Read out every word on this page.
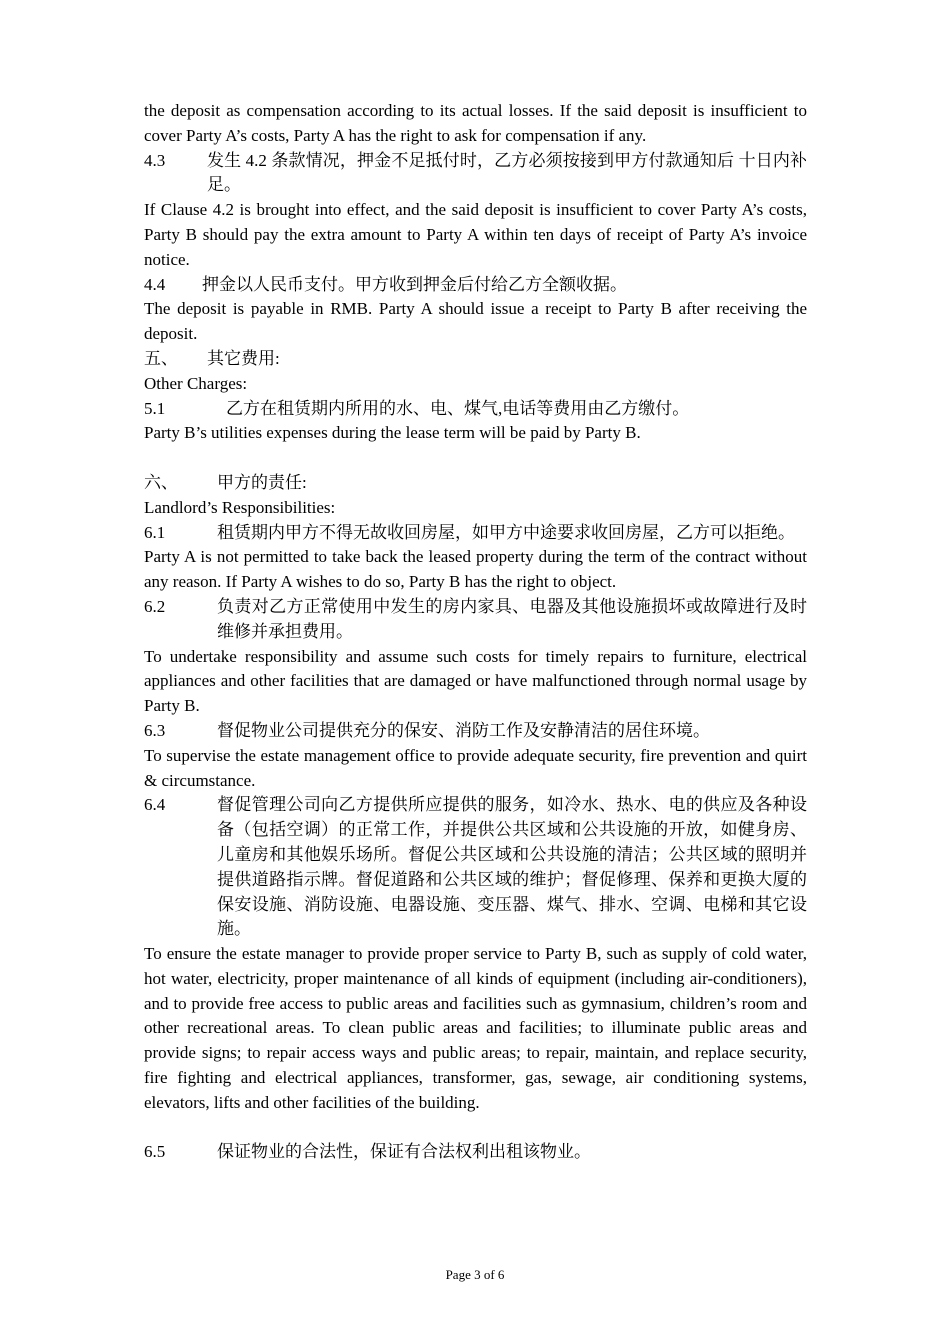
the deposit as compensation according to its actual losses. If the said deposit is insufficient to cover Party A’s costs, Party A has the right to ask for compensation if any.
4.3	发生 4.2 条款情况，押金不足抵付时，乙方必须按接到甲方付款通知后 十日内补足。
If Clause 4.2 is brought into effect, and the said deposit is insufficient to cover Party A’s costs, Party B should pay the extra amount to Party A within ten days of receipt of Party A’s invoice notice.
4.4	押金以人民币支付。甲方收到押金后付给乙方全额收据。
The deposit is payable in RMB. Party A should issue a receipt to Party B after receiving the deposit.
五、	其它费用:
Other Charges:
5.1	乙方在租赁期内所用的水、电、煤气,电话等费用由乙方缴付。
Party B’s utilities expenses during the lease term will be paid by Party B.
六、	甲方的责任:
Landlord’s Responsibilities:
6.1	租赁期内甲方不得无故收回房屋，如甲方中途要求收回房屋，乙方可以拒绝。
Party A is not permitted to take back the leased property during the term of the contract without any reason. If Party A wishes to do so, Party B has the right to object.
6.2	负责对乙方正常使用中发生的房内家具、电器及其他设施损坏或故障进行及时维修并承担费用。
To undertake responsibility and assume such costs for timely repairs to furniture, electrical appliances and other facilities that are damaged or have malfunctioned through normal usage by Party B.
6.3	督促物业公司提供充分的保安、消防工作及安静清洁的居住环境。
To supervise the estate management office to provide adequate security, fire prevention and quirt & circumstance.
6.4	督促管理公司向乙方提供所应提供的服务，如冷水、热水、电的供应及各种设备（包括空调）的正常工作，并提供公共区域和公共设施的开放，如健身房、儿童房和其他娱乐场所。督促公共区域和公共设施的清洁；公共区域的照明并提供道路指示牌。督促道路和公共区域的维护；督促修理、保养和更换大厦的保安设施、消防设施、电器设施、变压器、煤气、排水、空调、电梯和其它设施。
To ensure the estate manager to provide proper service to Party B, such as supply of cold water, hot water, electricity, proper maintenance of all kinds of equipment (including air-conditioners), and to provide free access to public areas and facilities such as gymnasium, children’s room and other recreational areas. To clean public areas and facilities; to illuminate public areas and provide signs; to repair access ways and public areas; to repair, maintain, and replace security, fire fighting and electrical appliances, transformer, gas, sewage, air conditioning systems, elevators, lifts and other facilities of the building.
6.5	保证物业的合法性，保证有合法权利出租该物业。
Page 3 of 6
